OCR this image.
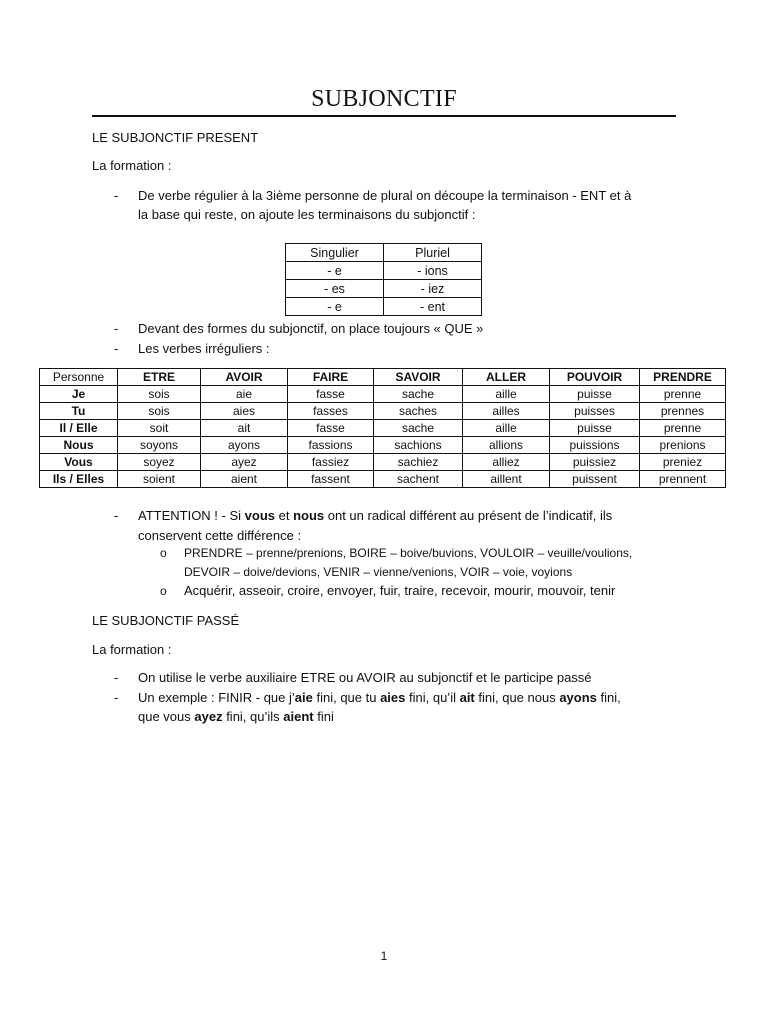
SUBJONCTIF
LE SUBJONCTIF PRESENT
La formation :
- De verbe régulier à la 3ième personne de plural on découpe la terminaison - ENT et à
la base qui reste, on ajoute les terminaisons du subjonctif :
Singulier	Pluriel
- e	- ions
- es	- iez
- e	- ent
- Devant des formes du subjonctif, on place toujours « QUE »
- Les verbes irréguliers :
Personne	ETRE	AVOIR	FAIRE	SAVOIR	ALLER	POUVOIR	PRENDRE
Je	sois	aie	fasse	sache	aille	puisse	prenne
Tu	sois	aies	fasses	saches	ailles	puisses	prennes
Il / Elle	soit	ait	fasse	sache	aille	puisse	prenne
Nous	soyons	ayons	fassions	sachions	allions	puissions	prenions
Vous	soyez	ayez	fassiez	sachiez	alliez	puissiez	preniez
Ils / Elles	soient	aient	fassent	sachent	aillent	puissent	prennent
- ATTENTION ! - Si vous et nous ont un radical différent au présent de l’indicatif, ils
conservent cette différence :
o PRENDRE – prenne/prenions, BOIRE – boive/buvions, VOULOIR – veuille/voulions,
DEVOIR – doive/devions, VENIR – vienne/venions, VOIR – voie, voyions
o Acquérir, asseoir, croire, envoyer, fuir, traire, recevoir, mourir, mouvoir, tenir
LE SUBJONCTIF PASSÉ
La formation :
- On utilise le verbe auxiliaire ETRE ou AVOIR au subjonctif et le participe passé
- Un exemple : FINIR - que j’aie fini, que tu aies fini, qu’il ait fini, que nous ayons fini,
que vous ayez fini, qu’ils aient fini
1
